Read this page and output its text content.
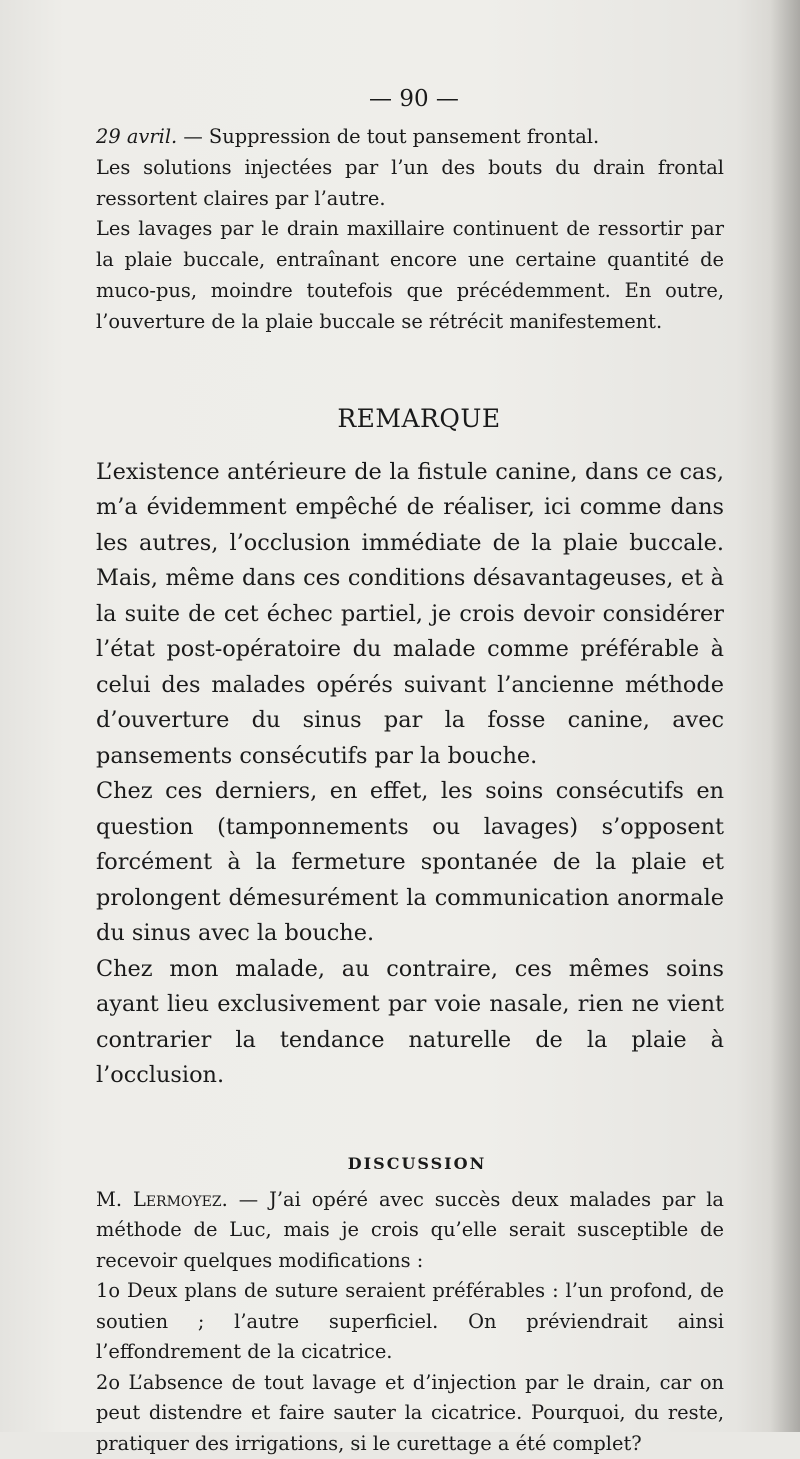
— 90 —

29 avril. — Suppression de tout pansement frontal.

Les solutions injectées par l’un des bouts du drain frontal ressortent claires par l’autre.

Les lavages par le drain maxillaire continuent de ressortir par la plaie buccale, entraînant encore une certaine quantité de muco-pus, moindre toutefois que précédemment. En outre, l’ouverture de la plaie buccale se rétrécit manifestement.

REMARQUE

L’existence antérieure de la fistule canine, dans ce cas, m’a évidemment empêché de réaliser, ici comme dans les autres, l’occlusion immédiate de la plaie buccale. Mais, même dans ces conditions désavantageuses, et à la suite de cet échec partiel, je crois devoir considérer l’état post-opératoire du malade comme préférable à celui des malades opérés suivant l’ancienne méthode d’ouverture du sinus par la fosse canine, avec pansements consécutifs par la bouche.

Chez ces derniers, en effet, les soins consécutifs en question (tamponnements ou lavages) s’opposent forcément à la fermeture spontanée de la plaie et prolongent démesurément la communication anormale du sinus avec la bouche.

Chez mon malade, au contraire, ces mêmes soins ayant lieu exclusivement par voie nasale, rien ne vient contrarier la tendance naturelle de la plaie à l’occlusion.

DISCUSSION

M. Lermoyez. — J’ai opéré avec succès deux malades par la méthode de Luc, mais je crois qu’elle serait susceptible de recevoir quelques modifications :

1o Deux plans de suture seraient préférables : l’un profond, de soutien ; l’autre superficiel. On préviendrait ainsi l’effondrement de la cicatrice.

2o L’absence de tout lavage et d’injection par le drain, car on peut distendre et faire sauter la cicatrice. Pourquoi, du reste, pratiquer des irrigations, si le curettage a été complet?
